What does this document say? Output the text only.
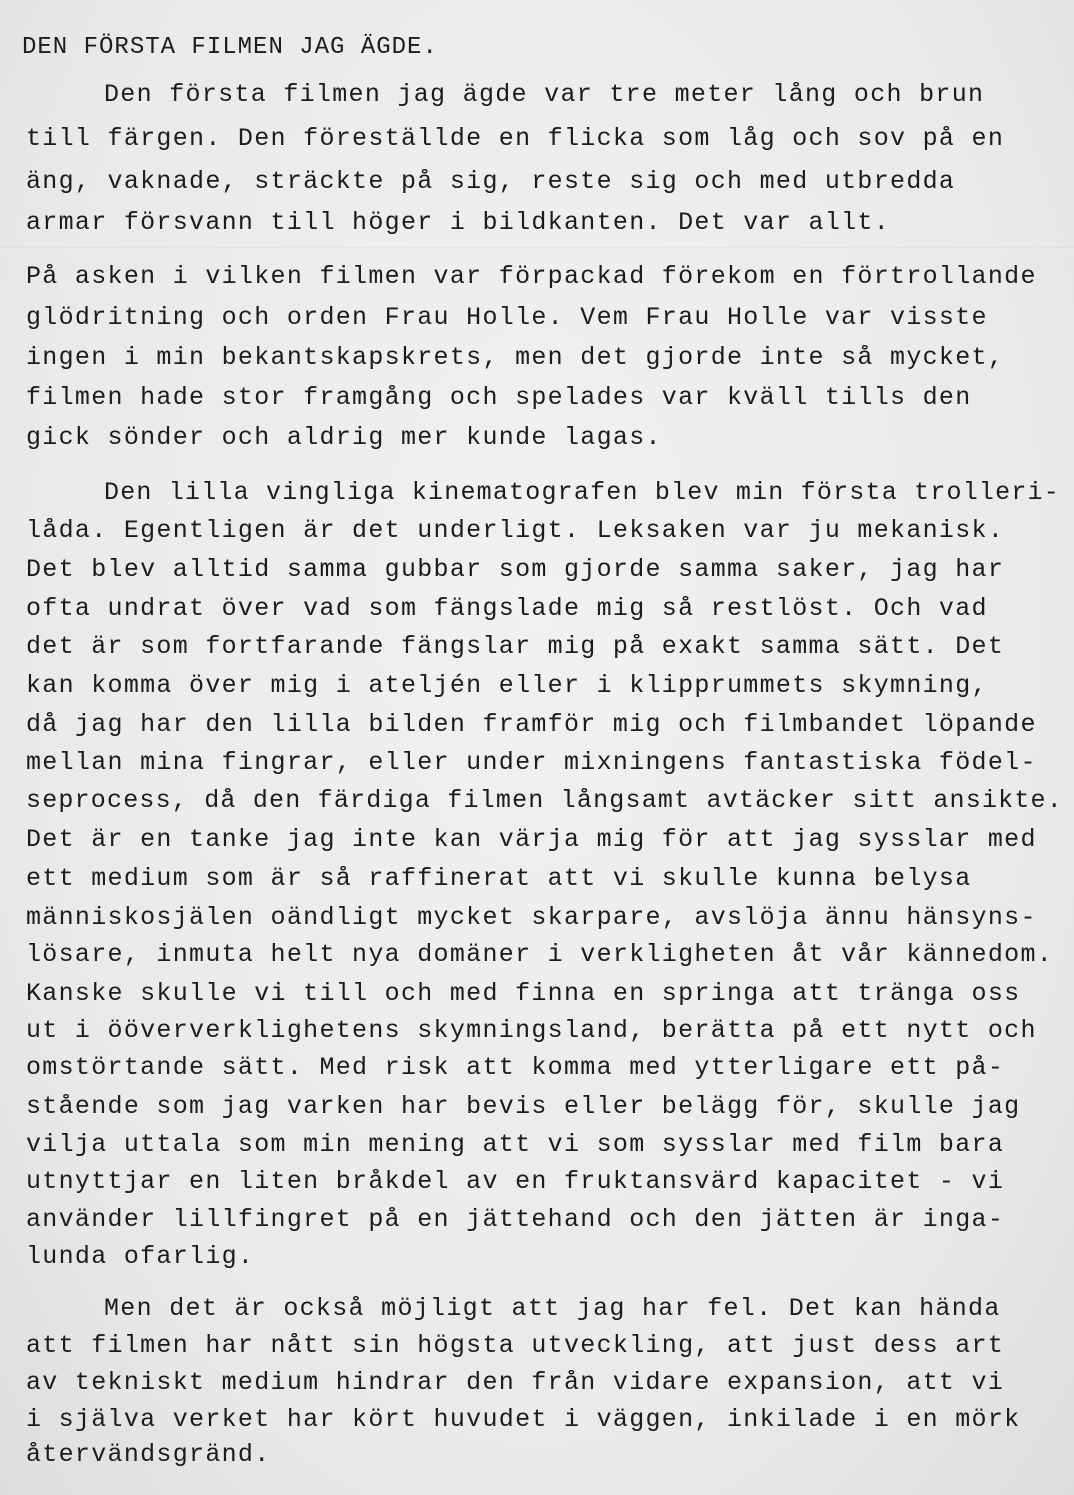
DEN FÖRSTA FILMEN JAG ÄGDE.
Den första filmen jag ägde var tre meter lång och brun
till färgen. Den föreställde en flicka som låg och sov på en
äng, vaknade, sträckte på sig, reste sig och med utbredda
armar försvann till höger i bildkanten. Det var allt.
På asken i vilken filmen var förpackad förekom en förtrollande
glödritning och orden Frau Holle. Vem Frau Holle var visste
ingen i min bekantskapskrets, men det gjorde inte så mycket,
filmen hade stor framgång och spelades var kväll tills den
gick sönder och aldrig mer kunde lagas.
Den lilla vingliga kinematografen blev min första trolleri-
låda. Egentligen är det underligt. Leksaken var ju mekanisk.
Det blev alltid samma gubbar som gjorde samma saker, jag har
ofta undrat över vad som fängslade mig så restlöst. Och vad
det är som fortfarande fängslar mig på exakt samma sätt. Det
kan komma över mig i ateljén eller i klipprummets skymning,
då jag har den lilla bilden framför mig och filmbandet löpande
mellan mina fingrar, eller under mixningens fantastiska födel-
seprocess, då den färdiga filmen långsamt avtäcker sitt ansikte.
Det är en tanke jag inte kan värja mig för att jag sysslar med
ett medium som är så raffinerat att vi skulle kunna belysa
människosjälen oändligt mycket skarpare, avslöja ännu hänsyns-
lösare, inmuta helt nya domäner i verkligheten åt vår kännedom.
Kanske skulle vi till och med finna en springa att tränga oss
ut i ööververklighetens skymningsland, berätta på ett nytt och
omstörtande sätt. Med risk att komma med ytterligare ett på-
stående som jag varken har bevis eller belägg för, skulle jag
vilja uttala som min mening att vi som sysslar med film bara
utnyttjar en liten bråkdel av en fruktansvärd kapacitet - vi
använder lillfingret på en jättehand och den jätten är inga-
lunda ofarlig.
Men det är också möjligt att jag har fel. Det kan hända
att filmen har nått sin högsta utveckling, att just dess art
av tekniskt medium hindrar den från vidare expansion, att vi
i själva verket har kört huvudet i väggen, inkilade i en mörk
återvändsgränd.
